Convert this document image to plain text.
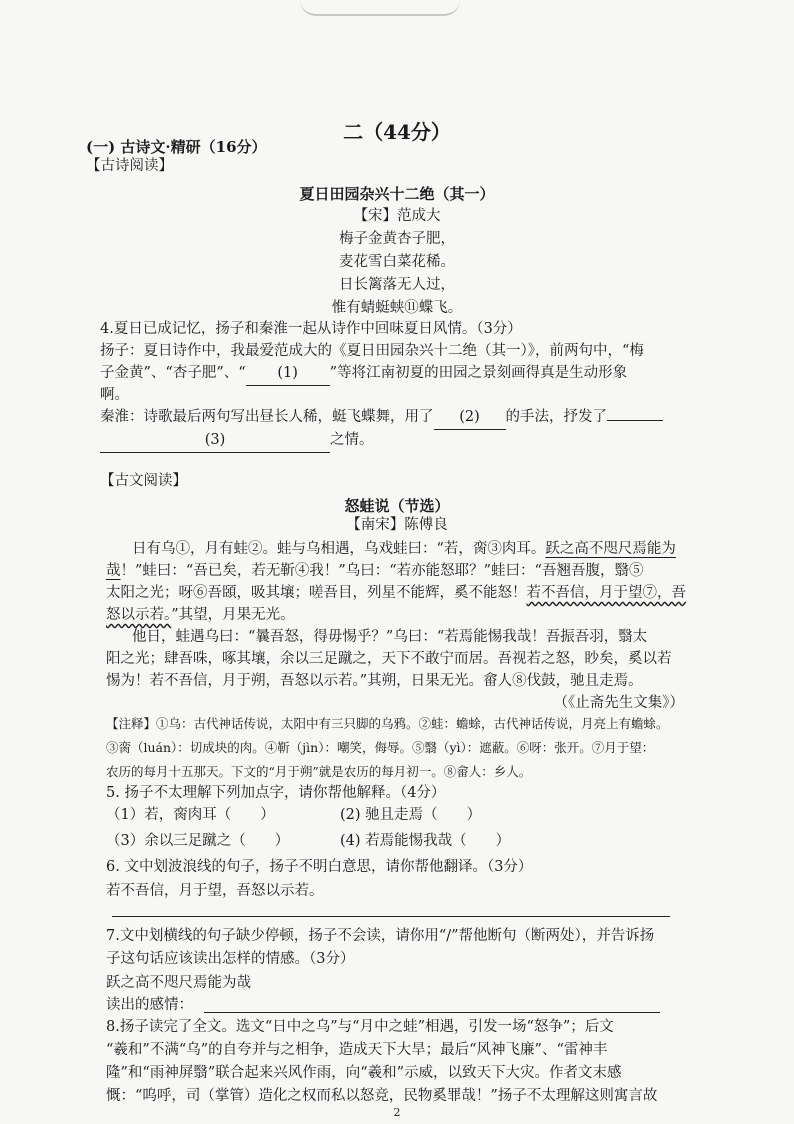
二（44分）
(一) 古诗文·精研（16分）
【古诗阅读】
夏日田园杂兴十二绝（其一）
【宋】范成大
梅子金黄杏子肥，
麦花雪白菜花稀。
日长篱落无人过，
惟有蜻蜓蛱⑪蝶飞。
4.夏日已成记忆，扬子和秦淮一起从诗作中回味夏日风情。（3分）
扬子：夏日诗作中，我最爱范成大的《夏日田园杂兴十二绝（其一）》，前两句中，“梅
子金黄”、“杏子肥”、“ (1) ”等将江南初夏的田园之景刻画得真是生动形象
啊。
秦淮：诗歌最后两句写出昼长人稀，蜓飞蝶舞，用了 (2) 的手法，抒发了
(3)	之情。
【古文阅读】
怒蛙说（节选）
【南宋】陈傅良
日有乌①，月有蛙②。蛙与乌相遇，乌戏蛙曰：“若，脔③肉耳。跃之高不咫尺焉能为
哉！”蛙曰：“吾已矣，若无靳④我！”乌曰：“若亦能怒耶？”蛙曰：“吾翘吾腹，翳⑤
太阳之光；呀⑥吾頣，吸其壤；嗟吾目，列星不能辉，奚不能怒！若不吾信，月于望⑦，吾
怒以示若。”其望，月果无光。
他日，蛙遇乌曰：“曩吾怒，得毋惕乎？”乌曰：“若焉能惕我哉！吾振吾羽，翳太
阳之光；肆吾咮，啄其壤，余以三足蹴之，天下不敢宁而居。吾视若之怒，眇矣，奚以若
惕为！若不吾信，月于朔，吾怒以示若。”其朔，日果无光。畲人⑧伐鼓，驰且走焉。
（《止斋先生文集》）
【注释】①乌：古代神话传说，太阳中有三只脚的乌鸦。②蛙：蟾蜍，古代神话传说，月亮上有蟾蜍。
③脔（luán）：切成块的肉。④靳（jìn）：嘲笑，侮辱。⑤翳（yì）：遮蔽。⑥呀：张开。⑦月于望：
农历的每月十五那天。下文的“月于朔”就是农历的每月初一。⑧畲人：乡人。
5. 扬子不太理解下列加点字，请你帮他解释。（4分）
（1）若，脔肉耳（　　）	(2) 驰且走焉（　　）
（3）余以三足蹴之（　　）	(4) 若焉能惕我哉（　　）
6. 文中划波浪线的句子，扬子不明白意思，请你帮他翻译。（3分）
若不吾信，月于望，吾怒以示若。
7.文中划横线的句子缺少停顿，扬子不会读，请你用“/”帮他断句（断两处），并告诉扬
子这句话应该读出怎样的情感。（3分）
跃之高不咫尺焉能为哉
读出的感情：
8.扬子读完了全文。选文“日中之乌”与“月中之蛙”相遇，引发一场“怒争”；后文
“羲和”不满“乌”的自夸并与之相争，造成天下大旱；最后“风神飞廉”、“雷神丰
隆”和“雨神屏翳”联合起来兴风作雨，向“羲和”示威，以致天下大灾。作者文末感
慨：“呜呼，司（掌管）造化之权而私以怒竞，民物奚罪哉！”扬子不太理解这则寓言故
2
